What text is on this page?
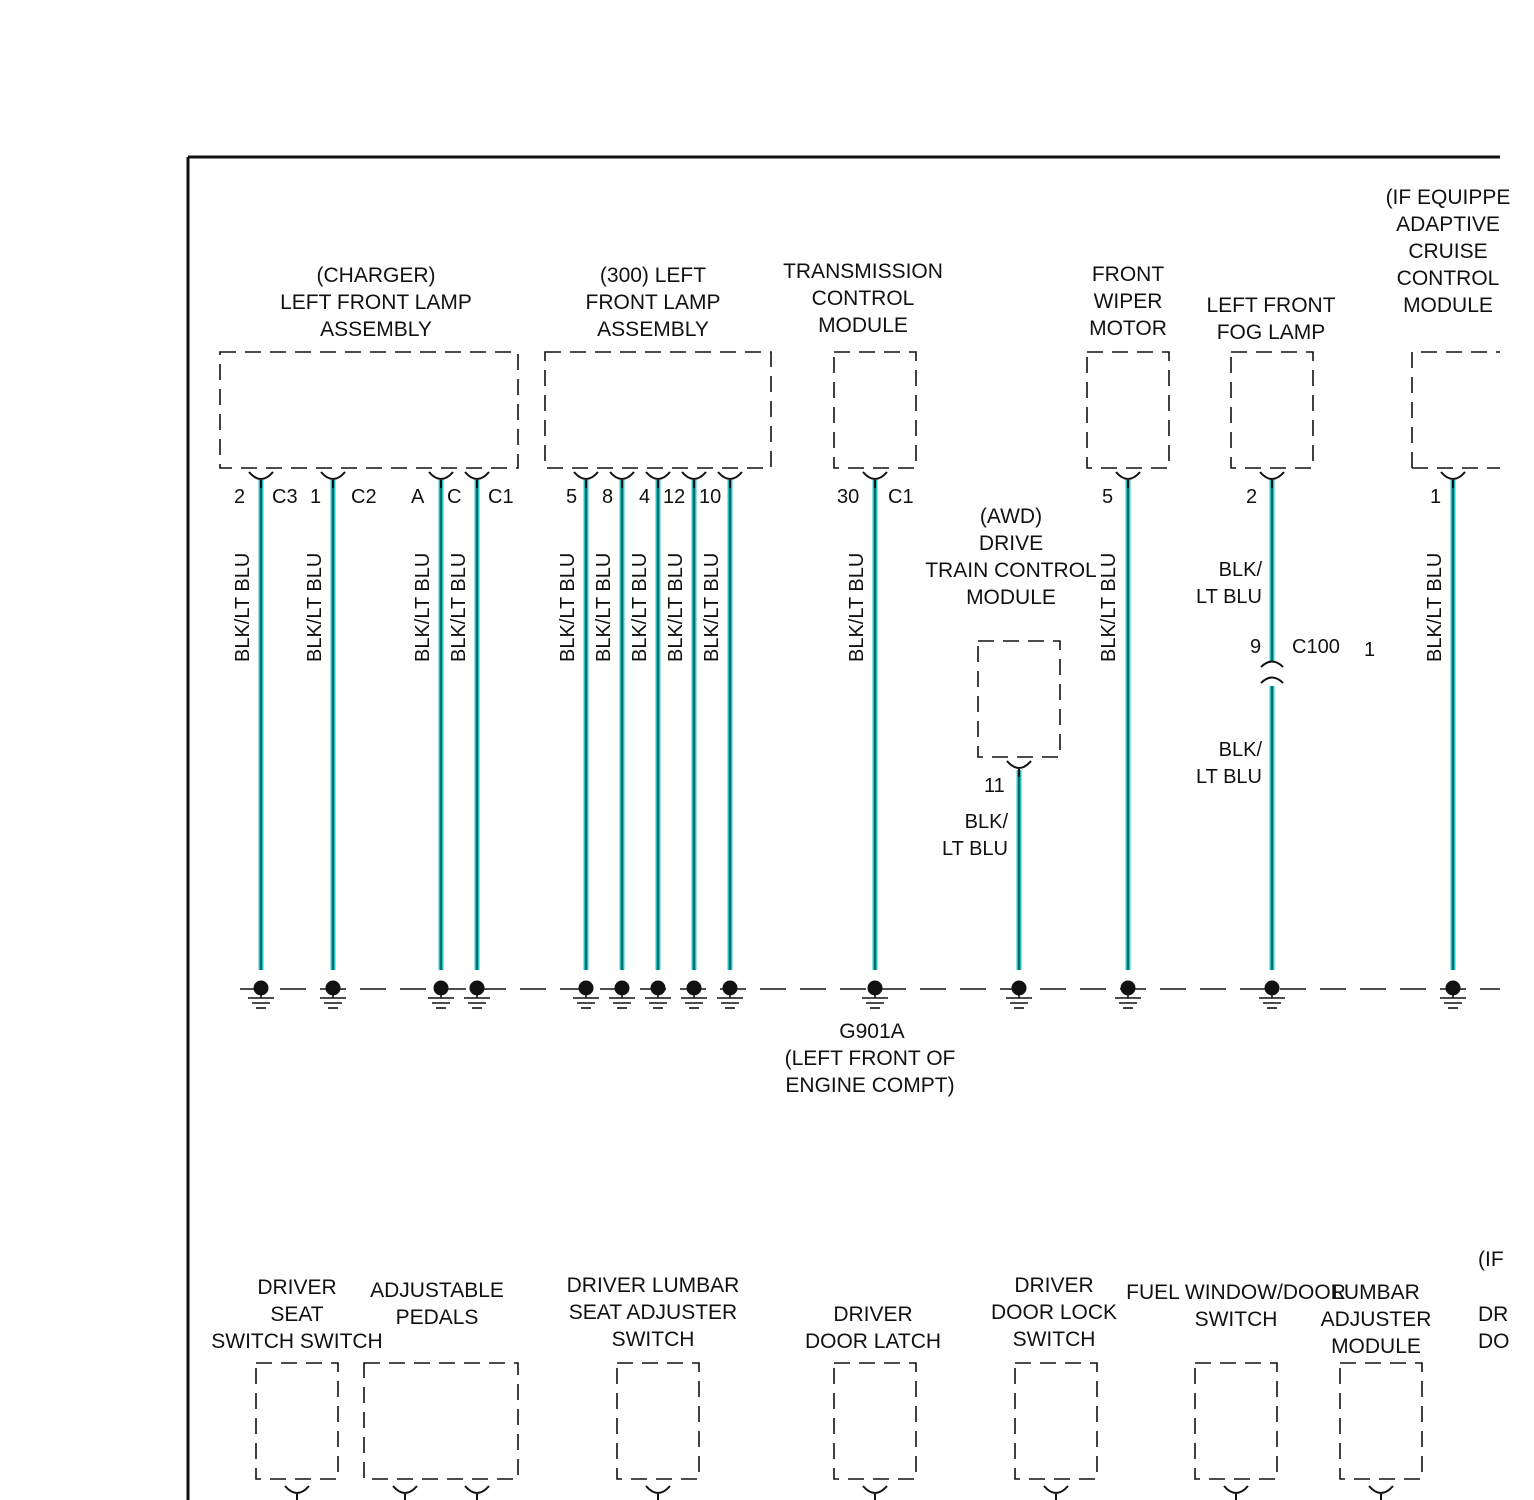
(CHARGER)
LEFT FRONT LAMP
ASSEMBLY
(300) LEFT
FRONT LAMP
ASSEMBLY
TRANSMISSION
CONTROL
MODULE
FRONT
WIPER
MOTOR
LEFT FRONT
FOG LAMP
(IF EQUIPPE
ADAPTIVE
CRUISE
CONTROL
MODULE
(AWD)
DRIVE
TRAIN CONTROL
MODULE
2 C3 1 C2 A C C1	5 8 4 12 10	30 C1	5	2	1
11
9 C100 1
BLK/LT BLU	BLK/LT BLU	BLK/LT BLU BLK/LT BLU	BLK/LT BLU BLK/LT BLU BLK/LT BLU BLK/LT BLU BLK/LT BLU	BLK/LT BLU	BLK/LT BLU	BLK/LT BLU
BLK/
LT BLU
BLK/
LT BLU
BLK/
LT BLU
G901A
(LEFT FRONT OF
ENGINE COMPT)
DRIVER
SEAT
SWITCH SWITCH
ADJUSTABLE
PEDALS
DRIVER LUMBAR
SEAT ADJUSTER
SWITCH
DRIVER
DOOR LATCH
DRIVER
DOOR LOCK
SWITCH
FUEL WINDOW/DOOR
SWITCH
LUMBAR
ADJUSTER
MODULE
(IF
DR
DO
